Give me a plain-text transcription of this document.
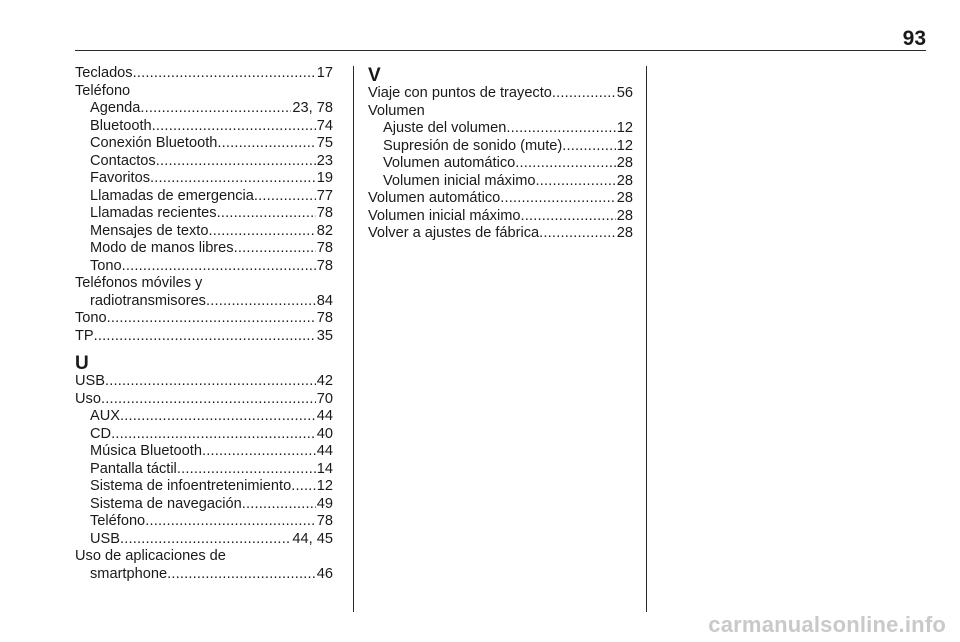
93
Teclados .....	17
Teléfono
Agenda .....	23, 78
Bluetooth .....	74
Conexión Bluetooth .....	75
Contactos .....	23
Favoritos .....	19
Llamadas de emergencia .....	77
Llamadas recientes .....	78
Mensajes de texto .....	82
Modo de manos libres .....	78
Tono .....	78
Teléfonos móviles y
radiotransmisores .....	84
Tono .....	78
TP .....	35
U
USB .....	42
Uso .....	70
AUX .....	44
CD .....	40
Música Bluetooth .....	44
Pantalla táctil .....	14
Sistema de infoentretenimiento ..... 12
Sistema de navegación .....	49
Teléfono .....	78
USB .....	44, 45
Uso de aplicaciones de
smartphone .....	46
V
Viaje con puntos de trayecto .....	56
Volumen
Ajuste del volumen .....	12
Supresión de sonido (mute) .....	12
Volumen automático .....	28
Volumen inicial máximo .....	28
Volumen automático .....	28
Volumen inicial máximo .....	28
Volver a ajustes de fábrica .....	28
carmanualsonline.info
